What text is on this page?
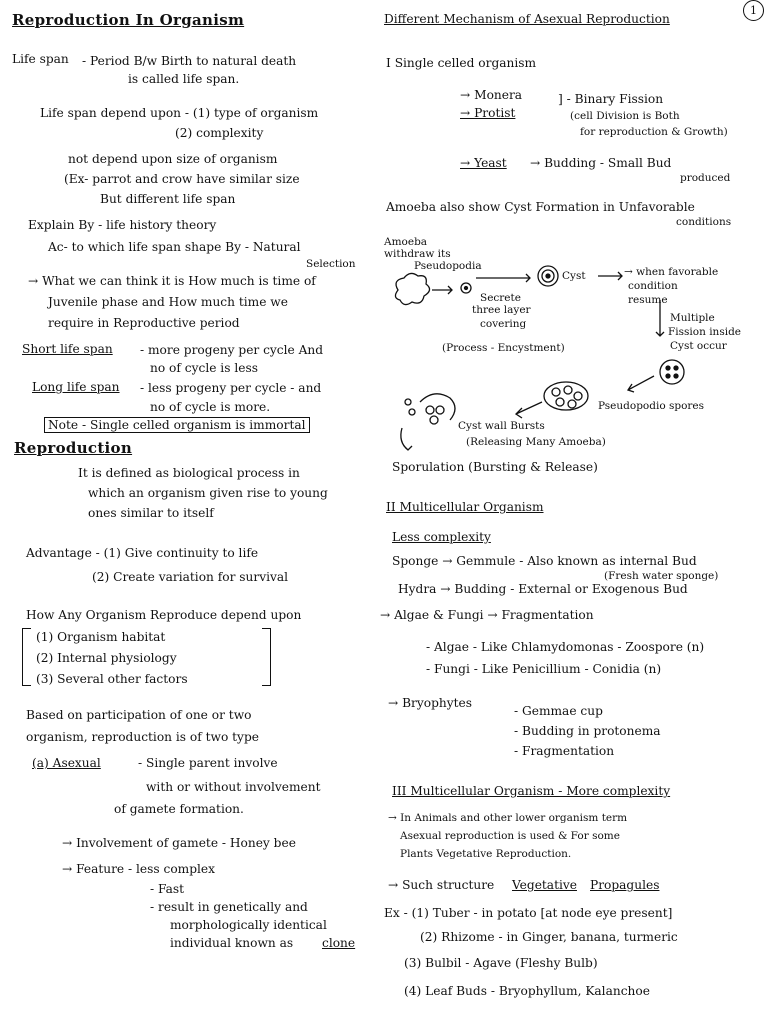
1
Reproduction In Organism
Life span - Period B/w Birth to natural death
is called life span.
Life span depend upon - (1) type of organism
(2) complexity
not depend upon size of organism
(Ex- parrot and crow have similar size
But different life span
Explain By - life history theory
Ac- to which life span shape By - Natural
Selection
→ What we can think it is How much is time of
Juvenile phase and How much time we
require in Reproductive period
Short life span - more progeny per cycle And
no of cycle is less
Long life span - less progeny per cycle - and
no of cycle is more.
Note - Single celled organism is immortal
Reproduction
It is defined as biological process in
which an organism given rise to young
ones similar to itself
Advantage - (1) Give continuity to life
(2) Create variation for survival
How Any Organism Reproduce depend upon
(1) Organism habitat
(2) Internal physiology
(3) Several other factors
Based on participation of one or two
organism, reproduction is of two type
(a) Asexual	- Single parent involve
with or without involvement
of gamete formation.
→ Involvement of gamete - Honey bee
→ Feature - less complex
- Fast
- result in genetically and
morphologically identical
individual known as clone
Different Mechanism of Asexual Reproduction
I Single celled organism
→ Monera
→ Protist
] - Binary Fission
(cell Division is Both
for reproduction & Growth)
→ Yeast → Budding - Small Bud
produced
Amoeba also show Cyst Formation in Unfavorable
conditions
Amoeba
withdraw its
Pseudopodia
Cyst
Secrete
three layer
covering
→ when favorable
condition
resume
(Process - Encystment)
Multiple
Fission inside
Cyst occur
Pseudopodio spores
Cyst wall Bursts
(Releasing Many Amoeba)
Sporulation (Bursting & Release)
II Multicellular Organism
Less complexity
Sponge → Gemmule - Also known as internal Bud
(Fresh water sponge)
Hydra → Budding - External or Exogenous Bud
→ Algae & Fungi → Fragmentation
- Algae - Like Chlamydomonas - Zoospore (n)
- Fungi - Like Penicillium - Conidia (n)
→ Bryophytes
- Gemmae cup
- Budding in protonema
- Fragmentation
III Multicellular Organism - More complexity
→ In Animals and other lower organism term
Asexual reproduction is used & For some
Plants Vegetative Reproduction.
→ Such structure Vegetative Propagules
Ex - (1) Tuber - in potato [at node eye present]
(2) Rhizome - in Ginger, banana, turmeric
(3) Bulbil - Agave (Fleshy Bulb)
(4) Leaf Buds - Bryophyllum, Kalanchoe
